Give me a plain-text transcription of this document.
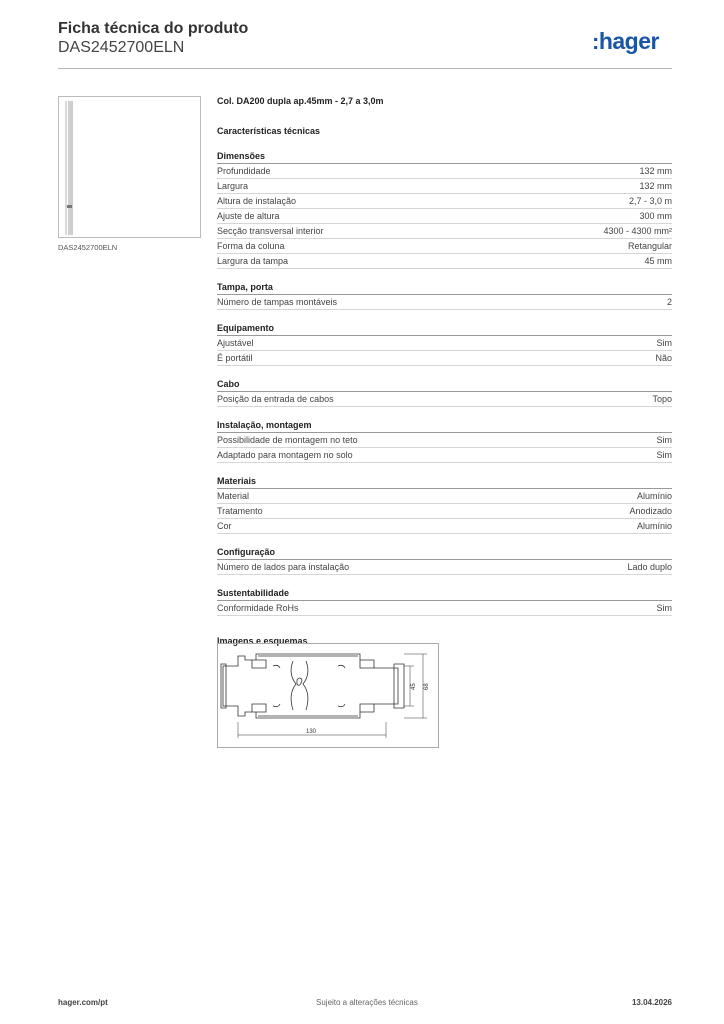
Ficha técnica do produto
DAS2452700ELN	:hager
DAS2452700ELN
Col. DA200 dupla ap.45mm - 2,7 a 3,0m
Características técnicas
Dimensões
Profundidade	132 mm
Largura	132 mm
Altura de instalação	2,7 - 3,0 m
Ajuste de altura	300 mm
Secção transversal interior	4300 - 4300 mm²
Forma da coluna	Retangular
Largura da tampa	45 mm
Tampa, porta
Número de tampas montáveis	2
Equipamento
Ajustável	Sim
É portátil	Não
Cabo
Posição da entrada de cabos	Topo
Instalação, montagem
Possibilidade de montagem no teto	Sim
Adaptado para montagem no solo	Sim
Materiais
Material	Alumínio
Tratamento	Anodizado
Cor	Alumínio
Configuração
Número de lados para instalação	Lado duplo
Sustentabilidade
Conformidade RoHs	Sim
Imagens e esquemas
130
45 68
hager.com/pt	Sujeito a alterações técnicas	13.04.2026
